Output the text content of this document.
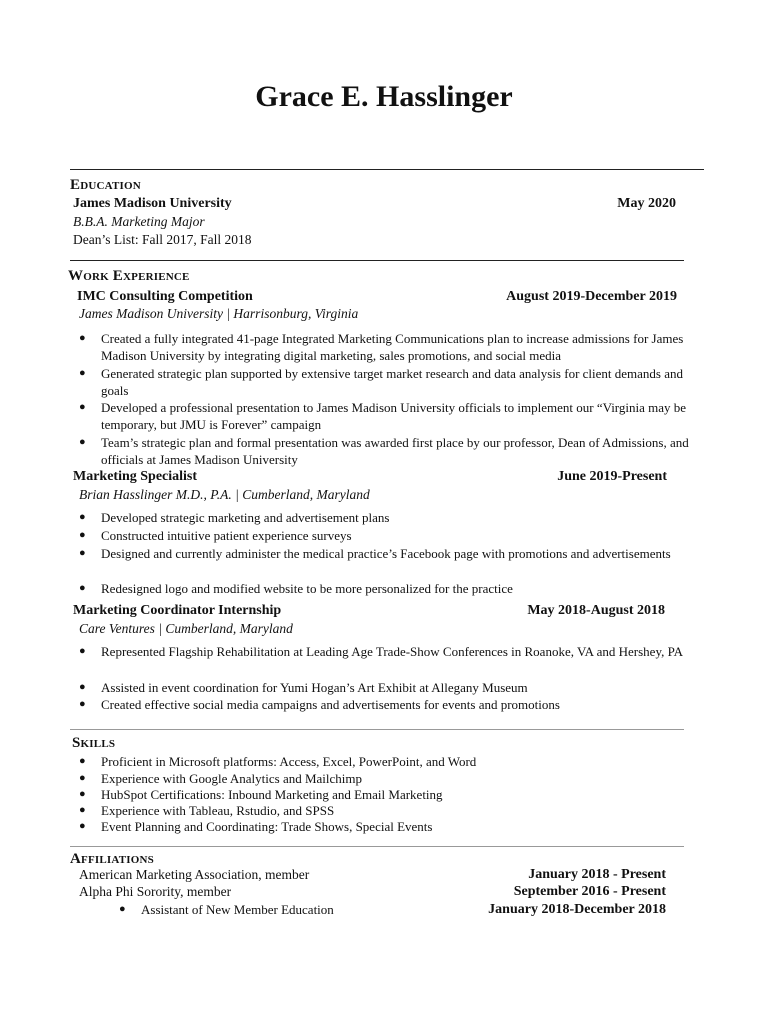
Grace E. Hasslinger
Education
James Madison University	May 2020
B.B.A. Marketing Major
Dean’s List: Fall 2017, Fall 2018
Work Experience
IMC Consulting Competition	August 2019-December 2019
James Madison University | Harrisonburg, Virginia
● Created a fully integrated 41-page Integrated Marketing Communications plan to increase admissions for James Madison University by integrating digital marketing, sales promotions, and social media
● Generated strategic plan supported by extensive target market research and data analysis for client demands and goals
● Developed a professional presentation to James Madison University officials to implement our “Virginia may be temporary, but JMU is Forever” campaign
● Team’s strategic plan and formal presentation was awarded first place by our professor, Dean of Admissions, and officials at James Madison University
Marketing Specialist	June 2019-Present
Brian Hasslinger M.D., P.A. | Cumberland, Maryland
● Developed strategic marketing and advertisement plans
● Constructed intuitive patient experience surveys
● Designed and currently administer the medical practice’s Facebook page with promotions and advertisements
● Redesigned logo and modified website to be more personalized for the practice
Marketing Coordinator Internship	May 2018-August 2018
Care Ventures | Cumberland, Maryland
● Represented Flagship Rehabilitation at Leading Age Trade-Show Conferences in Roanoke, VA and Hershey, PA
● Assisted in event coordination for Yumi Hogan’s Art Exhibit at Allegany Museum
● Created effective social media campaigns and advertisements for events and promotions
Skills
● Proficient in Microsoft platforms: Access, Excel, PowerPoint, and Word
● Experience with Google Analytics and Mailchimp
● HubSpot Certifications: Inbound Marketing and Email Marketing
● Experience with Tableau, Rstudio, and SPSS
● Event Planning and Coordinating: Trade Shows, Special Events
Affiliations
American Marketing Association, member	January 2018 - Present
Alpha Phi Sorority, member	September 2016 - Present
● Assistant of New Member Education	January 2018-December 2018
